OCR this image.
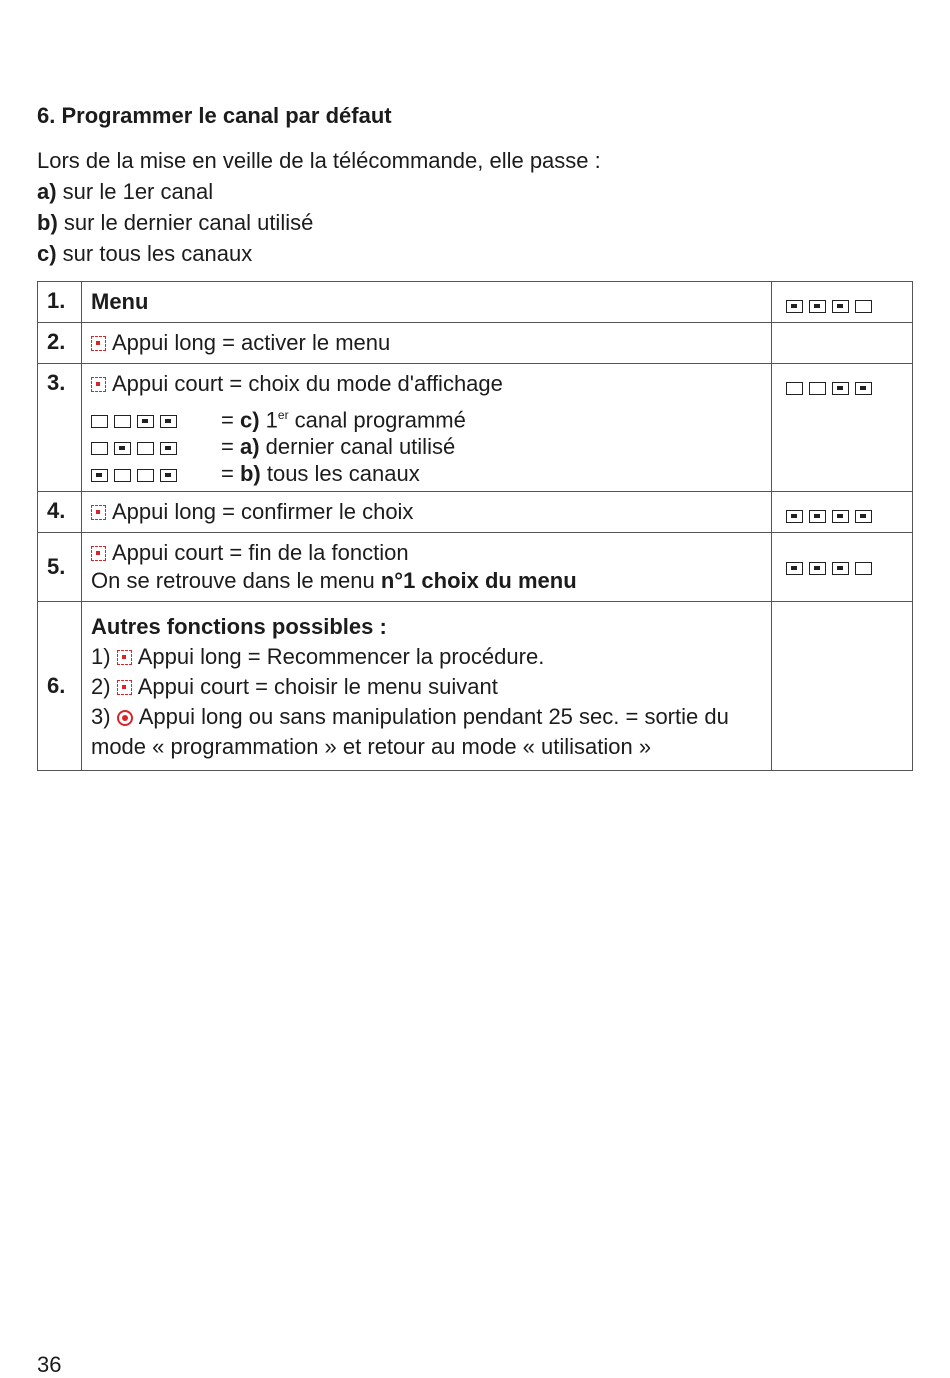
6. Programmer le canal par défaut
Lors de la mise en veille de la télécommande, elle passe :
a) sur le 1er canal
b) sur le dernier canal utilisé
c) sur tous les canaux
1.	Menu	
2.	Appui long = activer le menu	
3.	Appui court = choix du mode d'affichage
= c) 1er canal programmé
= a) dernier canal utilisé
= b) tous les canaux	

4.	Appui long = confirmer le choix	
5.	Appui court = fin de la fonction
On se retrouve dans le menu n°1 choix du menu	

6.	Autres fonctions possibles :
1) Appui long = Recommencer la procédure.
2) Appui court = choisir le menu suivant
3) Appui long ou sans manipulation pendant 25 sec. = sortie du mode « programmation » et retour au mode « utilisation »	

36
